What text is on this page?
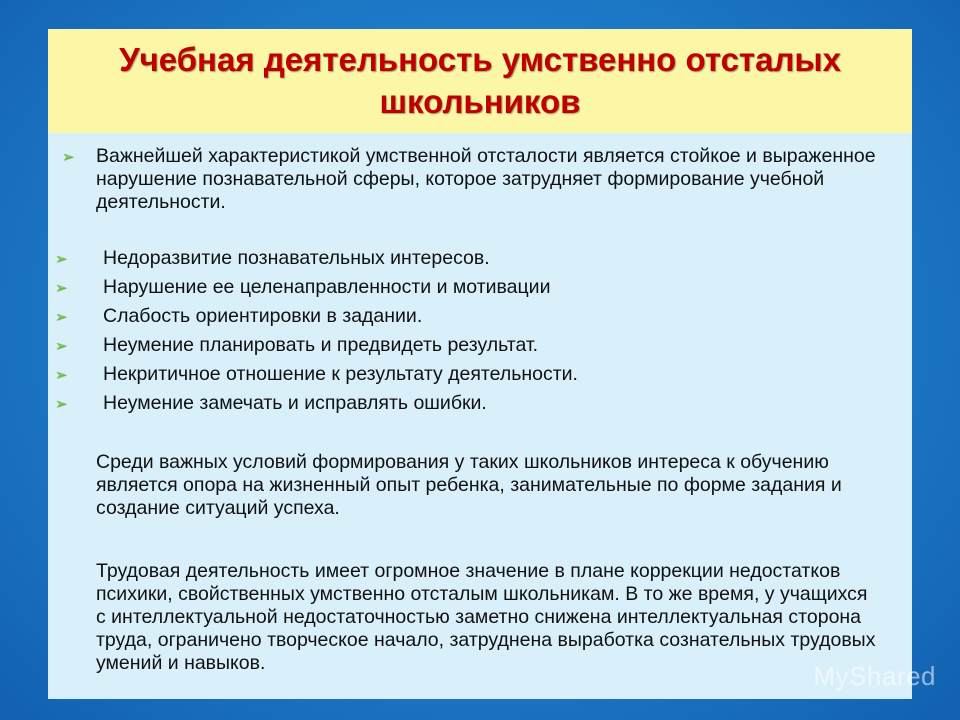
Учебная деятельность умственно отсталых школьников
➢ Важнейшей характеристикой умственной отсталости является стойкое и выраженное нарушение познавательной сферы, которое затрудняет формирование учебной деятельности.
➢ Недоразвитие познавательных интересов.
➢ Нарушение ее целенаправленности и мотивации
➢ Слабость ориентировки в задании.
➢ Неумение планировать и предвидеть результат.
➢ Некритичное отношение к результату деятельности.
➢ Неумение замечать и исправлять ошибки.
Среди важных условий формирования у таких школьников интереса к обучению является опора на жизненный опыт ребенка, занимательные по форме задания и создание ситуаций успеха.
Трудовая деятельность имеет огромное значение в плане коррекции недостатков психики, свойственных умственно отсталым школьникам. В то же время, у учащихся с интеллектуальной недостаточностью заметно снижена интеллектуальная сторона труда, ограничено творческое начало, затруднена выработка сознательных трудовых умений и навыков.	MyShared
